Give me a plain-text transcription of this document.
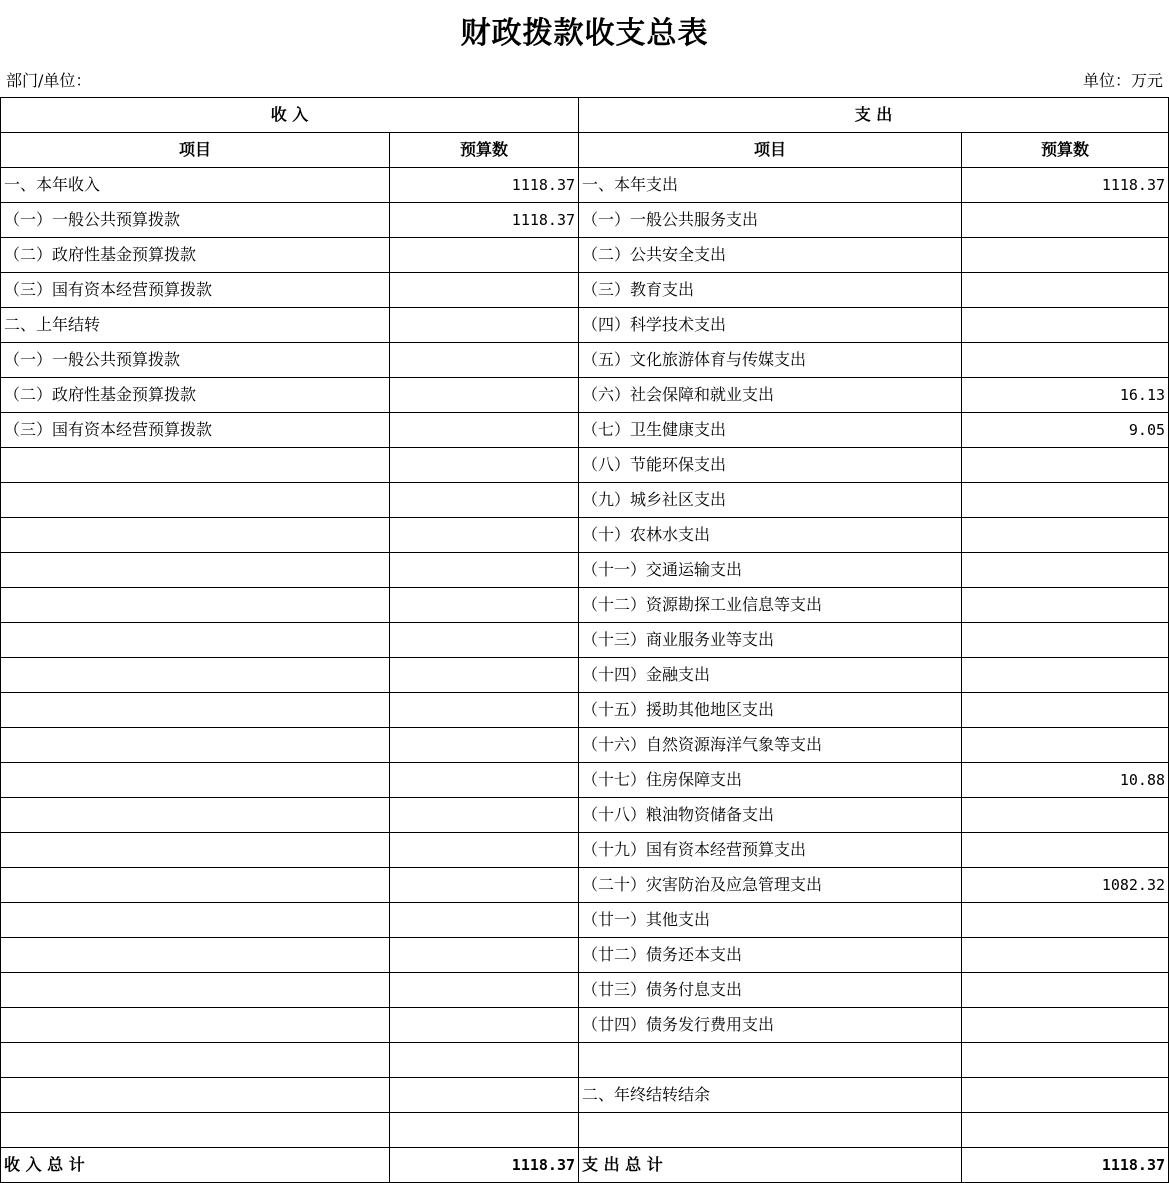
财政拨款收支总表
部门/单位：	单位：万元
收 入		支 出	
项目	预算数	项目	预算数
一、本年收入	1118.37	一、本年支出	1118.37
（一）一般公共预算拨款	1118.37	（一）一般公共服务支出	
（二）政府性基金预算拨款		（二）公共安全支出	
（三）国有资本经营预算拨款		（三）教育支出	
二、上年结转		（四）科学技术支出	
（一）一般公共预算拨款		（五）文化旅游体育与传媒支出	
（二）政府性基金预算拨款		（六）社会保障和就业支出	16.13
（三）国有资本经营预算拨款		（七）卫生健康支出	9.05
		（八）节能环保支出	
		（九）城乡社区支出	
		（十）农林水支出	
		（十一）交通运输支出	
		（十二）资源勘探工业信息等支出	
		（十三）商业服务业等支出	
		（十四）金融支出	
		（十五）援助其他地区支出	
		（十六）自然资源海洋气象等支出	
		（十七）住房保障支出	10.88
		（十八）粮油物资储备支出	
		（十九）国有资本经营预算支出	
		（二十）灾害防治及应急管理支出	1082.32
		（廿一）其他支出	
		（廿二）债务还本支出	
		（廿三）债务付息支出	
		（廿四）债务发行费用支出	

		二、年终结转结余	

收 入 总 计	1118.37	支 出 总 计	1118.37
